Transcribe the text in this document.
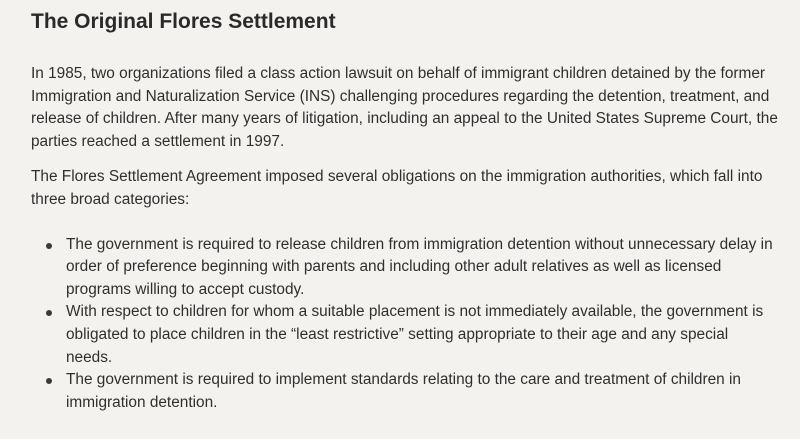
The Original Flores Settlement

In 1985, two organizations filed a class action lawsuit on behalf of immigrant children detained by the former Immigration and Naturalization Service (INS) challenging procedures regarding the detention, treatment, and release of children. After many years of litigation, including an appeal to the United States Supreme Court, the parties reached a settlement in 1997.

The Flores Settlement Agreement imposed several obligations on the immigration authorities, which fall into three broad categories:

The government is required to release children from immigration detention without unnecessary delay in order of preference beginning with parents and including other adult relatives as well as licensed programs willing to accept custody.
With respect to children for whom a suitable placement is not immediately available, the government is obligated to place children in the “least restrictive” setting appropriate to their age and any special needs.
The government is required to implement standards relating to the care and treatment of children in immigration detention.
